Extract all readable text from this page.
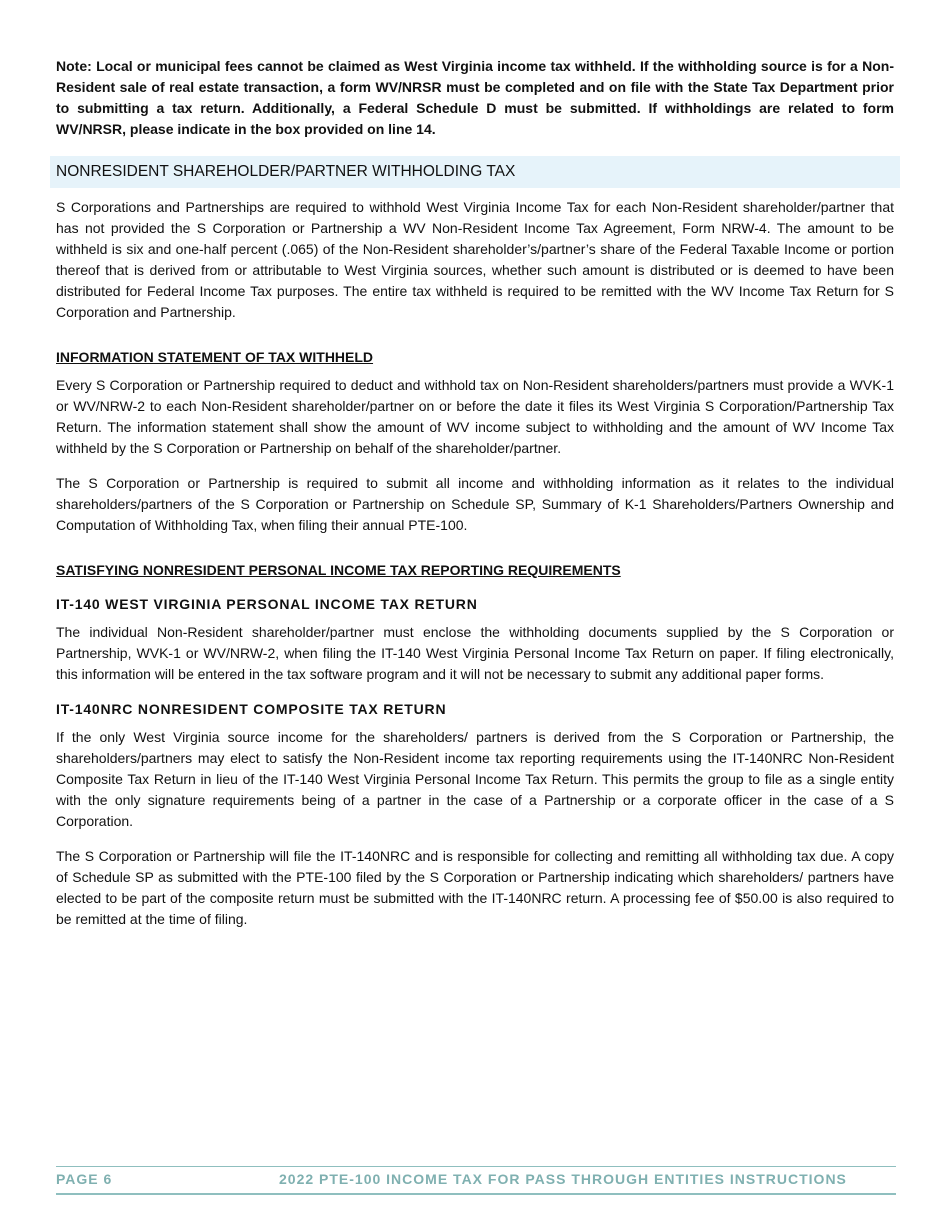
Note: Local or municipal fees cannot be claimed as West Virginia income tax withheld. If the withholding source is for a Non-Resident sale of real estate transaction, a form WV/NRSR must be completed and on file with the State Tax Department prior to submitting a tax return. Additionally, a Federal Schedule D must be submitted. If withholdings are related to form WV/NRSR, please indicate in the box provided on line 14.

NONRESIDENT SHAREHOLDER/PARTNER WITHHOLDING TAX

S Corporations and Partnerships are required to withhold West Virginia Income Tax for each Non-Resident shareholder/partner that has not provided the S Corporation or Partnership a WV Non-Resident Income Tax Agreement, Form NRW-4. The amount to be withheld is six and one-half percent (.065) of the Non-Resident shareholder’s/partner’s share of the Federal Taxable Income or portion thereof that is derived from or attributable to West Virginia sources, whether such amount is distributed or is deemed to have been distributed for Federal Income Tax purposes. The entire tax withheld is required to be remitted with the WV Income Tax Return for S Corporation and Partnership.

INFORMATION STATEMENT OF TAX WITHHELD

Every S Corporation or Partnership required to deduct and withhold tax on Non-Resident shareholders/partners must provide a WVK-1 or WV/NRW-2 to each Non-Resident shareholder/partner on or before the date it files its West Virginia S Corporation/Partnership Tax Return. The information statement shall show the amount of WV income subject to withholding and the amount of WV Income Tax withheld by the S Corporation or Partnership on behalf of the shareholder/partner.

The S Corporation or Partnership is required to submit all income and withholding information as it relates to the individual shareholders/partners of the S Corporation or Partnership on Schedule SP, Summary of K-1 Shareholders/Partners Ownership and Computation of Withholding Tax, when filing their annual PTE-100.

SATISFYING NONRESIDENT PERSONAL INCOME TAX REPORTING REQUIREMENTS
IT-140 WEST VIRGINIA PERSONAL INCOME TAX RETURN

The individual Non-Resident shareholder/partner must enclose the withholding documents supplied by the S Corporation or Partnership, WVK-1 or WV/NRW-2, when filing the IT-140 West Virginia Personal Income Tax Return on paper. If filing electronically, this information will be entered in the tax software program and it will not be necessary to submit any additional paper forms.

IT-140NRC NONRESIDENT COMPOSITE TAX RETURN

If the only West Virginia source income for the shareholders/ partners is derived from the S Corporation or Partnership, the shareholders/partners may elect to satisfy the Non-Resident income tax reporting requirements using the IT-140NRC Non-Resident Composite Tax Return in lieu of the IT-140 West Virginia Personal Income Tax Return. This permits the group to file as a single entity with the only signature requirements being of a partner in the case of a Partnership or a corporate officer in the case of a S Corporation.

The S Corporation or Partnership will file the IT-140NRC and is responsible for collecting and remitting all withholding tax due. A copy of Schedule SP as submitted with the PTE-100 filed by the S Corporation or Partnership indicating which shareholders/ partners have elected to be part of the composite return must be submitted with the IT-140NRC return. A processing fee of $50.00 is also required to be remitted at the time of filing.

PAGE 6	2022 PTE-100 INCOME TAX FOR PASS THROUGH ENTITIES INSTRUCTIONS
